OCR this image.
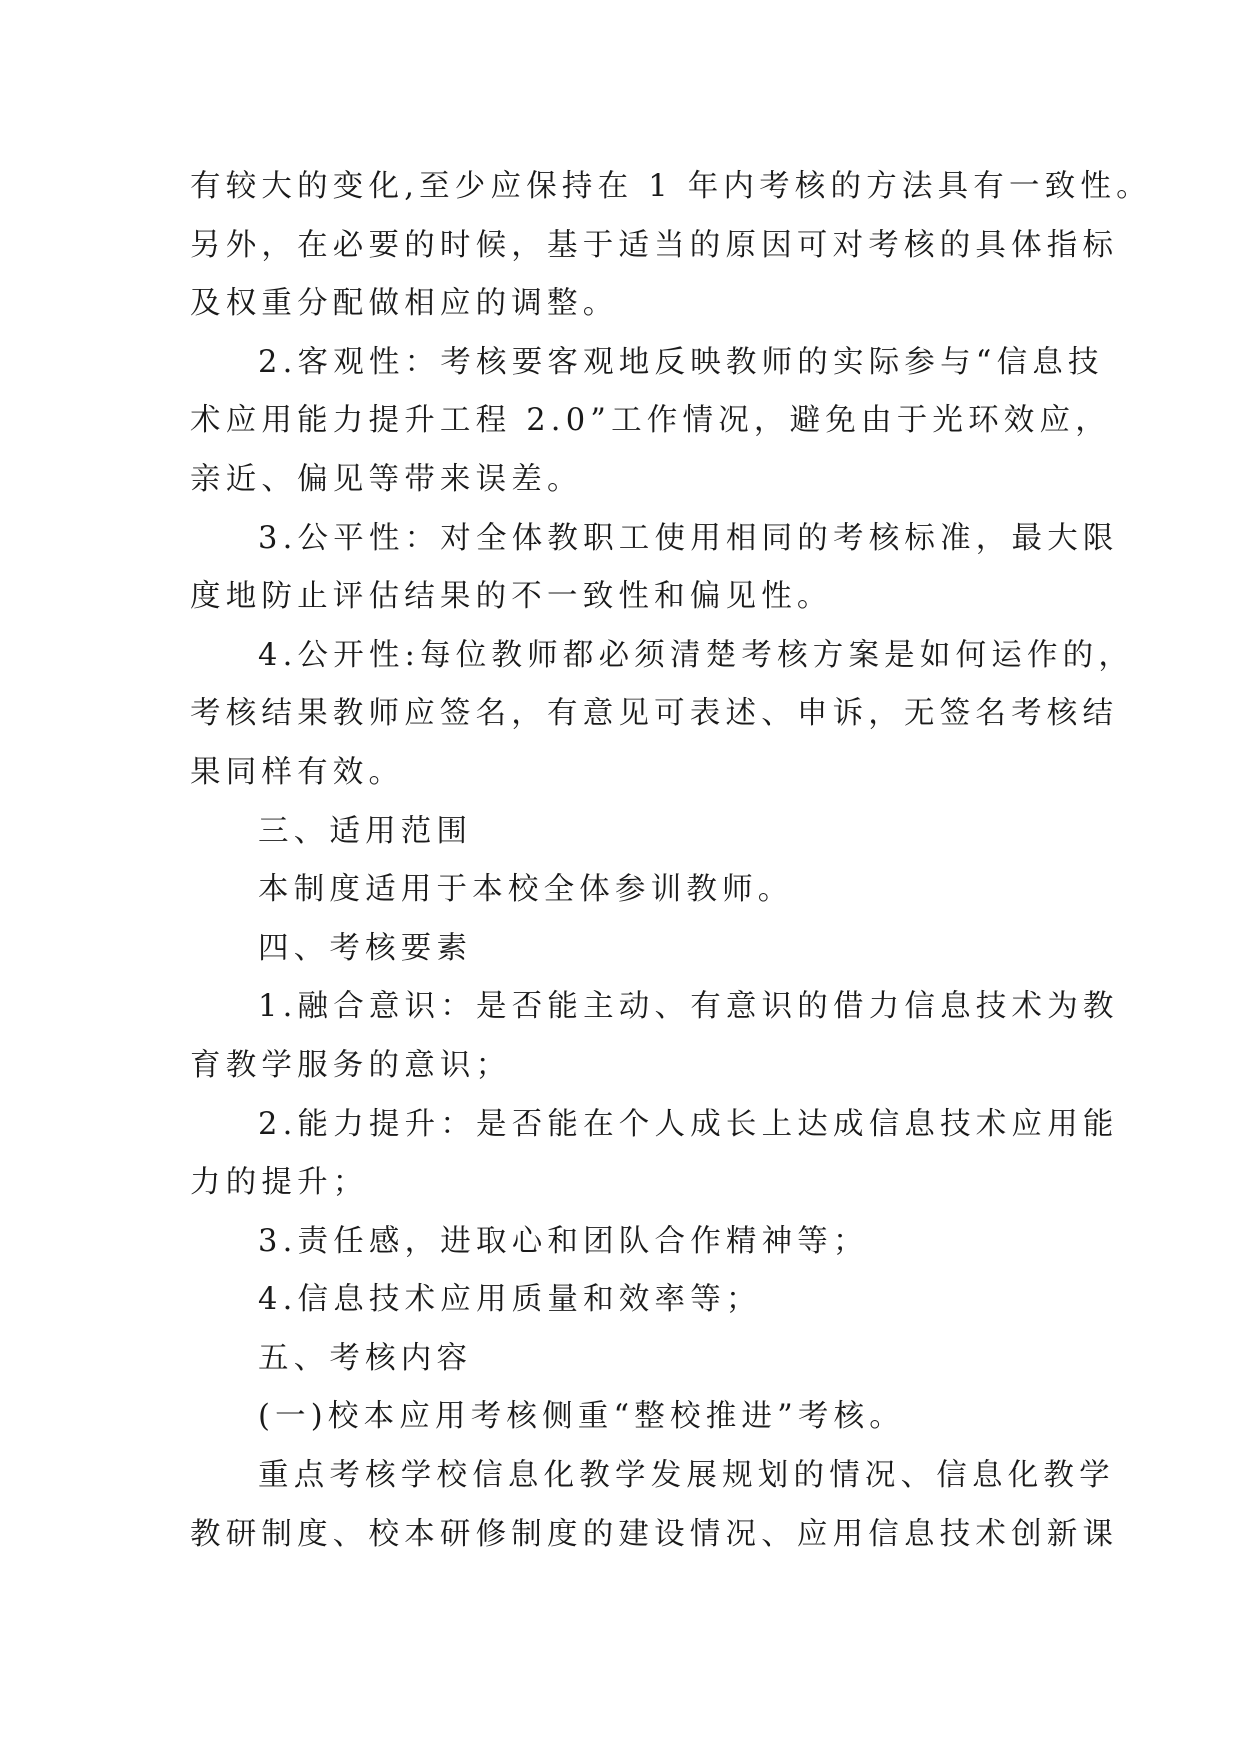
有较大的变化,至少应保持在 1 年内考核的方法具有一致性。
另外，在必要的时候，基于适当的原因可对考核的具体指标
及权重分配做相应的调整。
2.客观性：考核要客观地反映教师的实际参与“信息技
术应用能力提升工程 2.0”工作情况，避免由于光环效应，
亲近、偏见等带来误差。
3.公平性：对全体教职工使用相同的考核标准，最大限
度地防止评估结果的不一致性和偏见性。
4.公开性:每位教师都必须清楚考核方案是如何运作的，
考核结果教师应签名，有意见可表述、申诉，无签名考核结
果同样有效。
三、适用范围
本制度适用于本校全体参训教师。
四、考核要素
1.融合意识：是否能主动、有意识的借力信息技术为教
育教学服务的意识；
2.能力提升：是否能在个人成长上达成信息技术应用能
力的提升；
3.责任感，进取心和团队合作精神等；
4.信息技术应用质量和效率等；
五、考核内容
(一)校本应用考核侧重“整校推进”考核。
重点考核学校信息化教学发展规划的情况、信息化教学
教研制度、校本研修制度的建设情况、应用信息技术创新课
